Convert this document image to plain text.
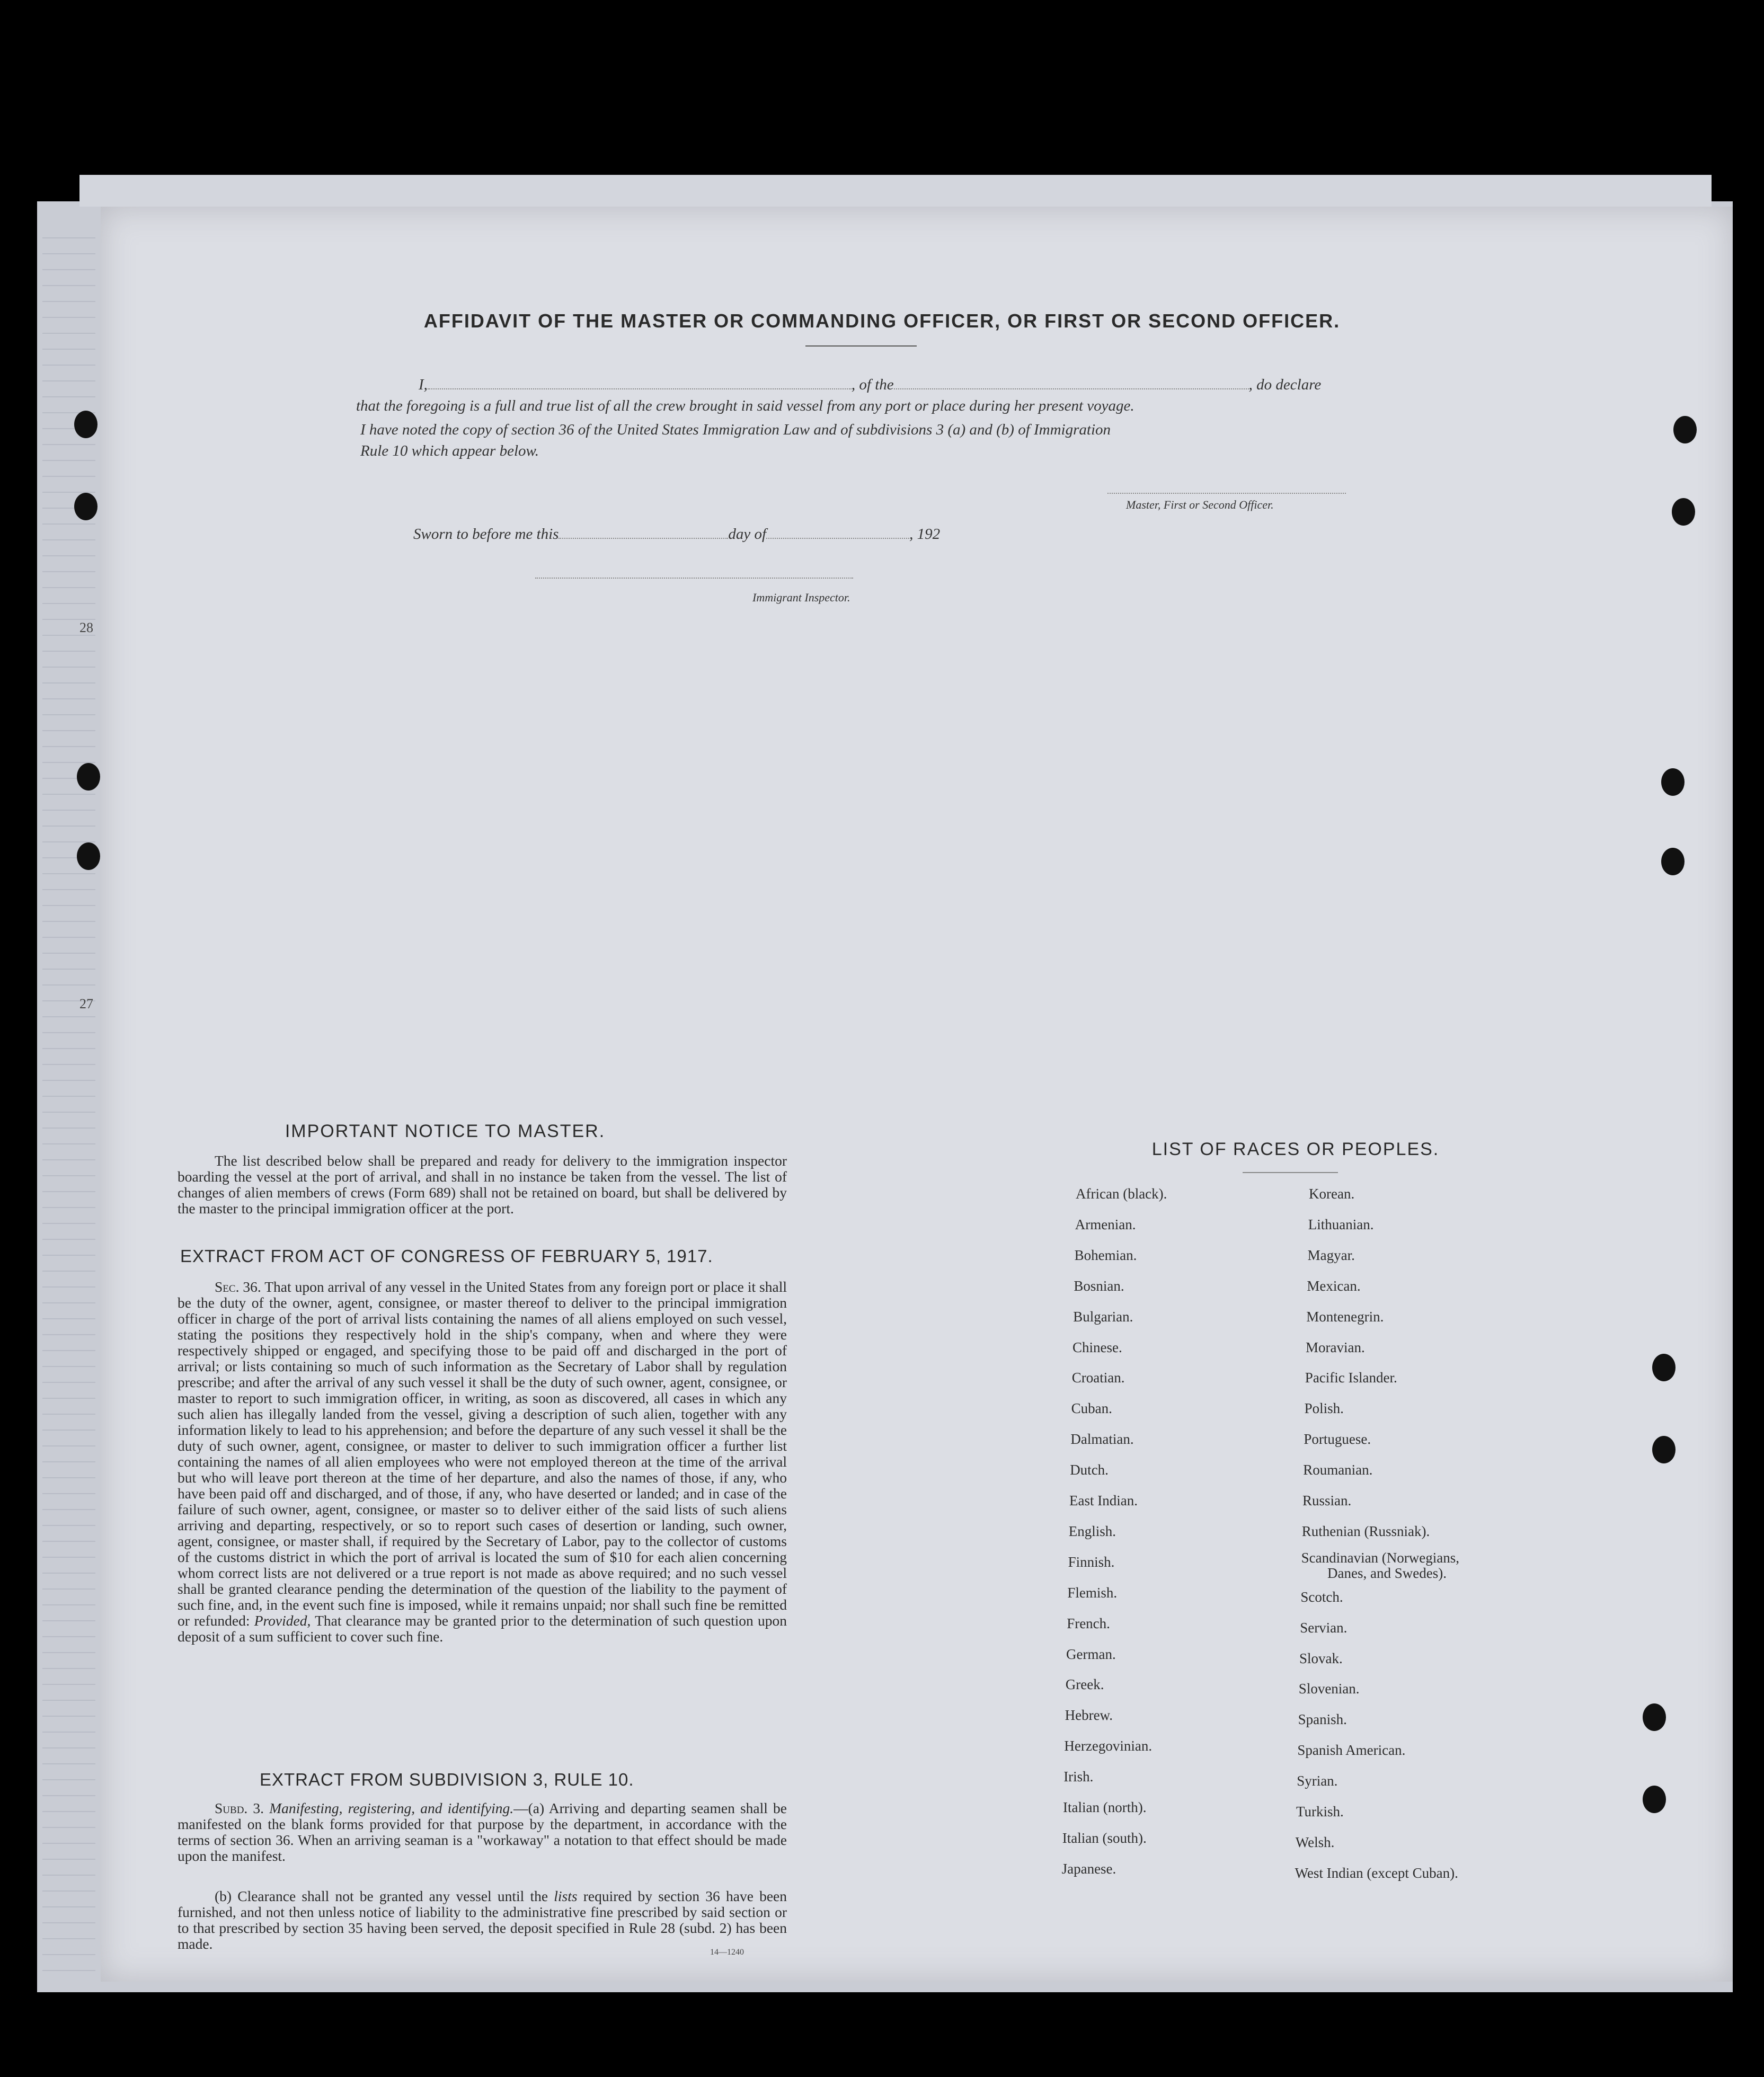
28
27
AFFIDAVIT OF THE MASTER OR COMMANDING OFFICER, OR FIRST OR SECOND OFFICER.
I,	, of the	, do declare
that the foregoing is a full and true list of all the crew brought in said vessel from any port or place during her present voyage.
I have noted the copy of section 36 of the United States Immigration Law and of subdivisions 3 (a) and (b) of Immigration
Rule 10 which appear below.
Master, First or Second Officer.
Sworn to before me this	day of	, 192
Immigrant Inspector.
IMPORTANT NOTICE TO MASTER.
The list described below shall be prepared and ready for delivery to the immigration inspector boarding the vessel at the port of arrival, and shall in no instance be taken from the vessel. The list of changes of alien members of crews (Form 689) shall not be retained on board, but shall be delivered by the master to the principal immigration officer at the port.
EXTRACT FROM ACT OF CONGRESS OF FEBRUARY 5, 1917.
Sec. 36. That upon arrival of any vessel in the United States from any foreign port or place it shall be the duty of the owner, agent, consignee, or master thereof to deliver to the principal immigration officer in charge of the port of arrival lists containing the names of all aliens employed on such vessel, stating the positions they respectively hold in the ship's company, when and where they were respectively shipped or engaged, and specifying those to be paid off and discharged in the port of arrival; or lists containing so much of such information as the Secretary of Labor shall by regulation prescribe; and after the arrival of any such vessel it shall be the duty of such owner, agent, consignee, or master to report to such immigration officer, in writing, as soon as discovered, all cases in which any such alien has illegally landed from the vessel, giving a description of such alien, together with any information likely to lead to his apprehension; and before the departure of any such vessel it shall be the duty of such owner, agent, consignee, or master to deliver to such immigration officer a further list containing the names of all alien employees who were not employed thereon at the time of the arrival but who will leave port thereon at the time of her departure, and also the names of those, if any, who have been paid off and discharged, and of those, if any, who have deserted or landed; and in case of the failure of such owner, agent, consignee, or master so to deliver either of the said lists of such aliens arriving and departing, respectively, or so to report such cases of desertion or landing, such owner, agent, consignee, or master shall, if required by the Secretary of Labor, pay to the collector of customs of the customs district in which the port of arrival is located the sum of $10 for each alien concerning whom correct lists are not delivered or a true report is not made as above required; and no such vessel shall be granted clearance pending the determination of the question of the liability to the payment of such fine, and, in the event such fine is imposed, while it remains unpaid; nor shall such fine be remitted or refunded: Provided, That clearance may be granted prior to the determination of such question upon deposit of a sum sufficient to cover such fine.
EXTRACT FROM SUBDIVISION 3, RULE 10.
Subd. 3. Manifesting, registering, and identifying.—(a) Arriving and departing seamen shall be manifested on the blank forms provided for that purpose by the department, in accordance with the terms of section 36. When an arriving seaman is a "workaway" a notation to that effect should be made upon the manifest.
(b) Clearance shall not be granted any vessel until the lists required by section 36 have been furnished, and not then unless notice of liability to the administrative fine prescribed by said section or to that prescribed by section 35 having been served, the deposit specified in Rule 28 (subd. 2) has been made.
14—1240
LIST OF RACES OR PEOPLES.
African (black).
Armenian.
Bohemian.
Bosnian.
Bulgarian.
Chinese.
Croatian.
Cuban.
Dalmatian.
Dutch.
East Indian.
English.
Finnish.
Flemish.
French.
German.
Greek.
Hebrew.
Herzegovinian.
Irish.
Italian (north).
Italian (south).
Japanese.
Korean.
Lithuanian.
Magyar.
Mexican.
Montenegrin.
Moravian.
Pacific Islander.
Polish.
Portuguese.
Roumanian.
Russian.
Ruthenian (Russniak).
Scandinavian (Norwegians,
Scotch.
Servian.
Slovak.
Slovenian.
Spanish.
Spanish American.
Syrian.
Turkish.
Welsh.
West Indian (except Cuban).
Danes, and Swedes).
